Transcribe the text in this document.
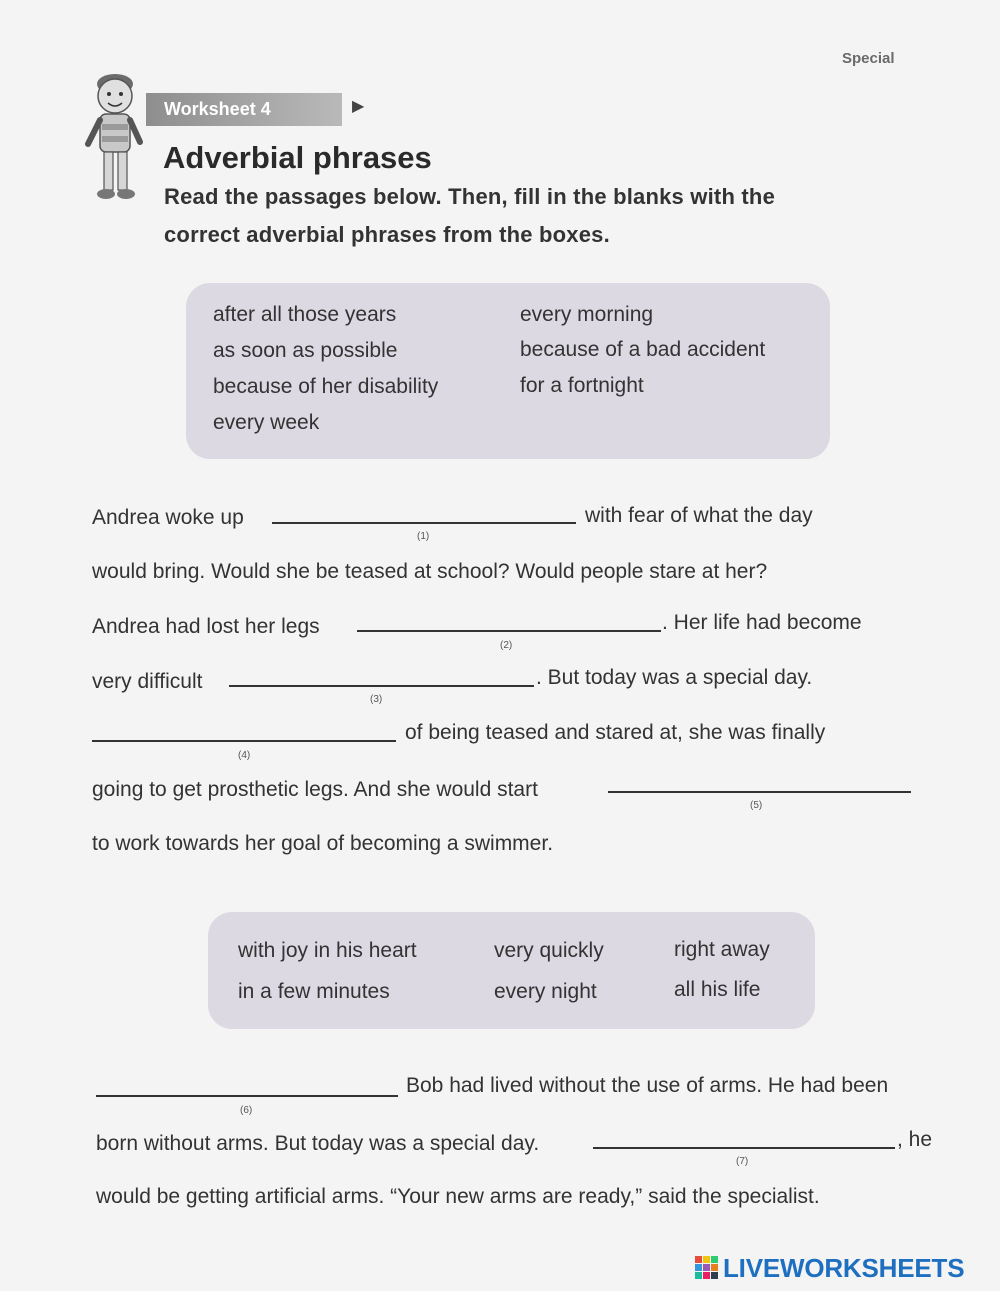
Special
Worksheet 4	▶
Adverbial phrases
Read the passages below. Then, fill in the blanks with the
correct adverbial phrases from the boxes.
after all those years
as soon as possible
because of her disability
every week
every morning
because of a bad accident
for a fortnight
Andrea woke up
(1)
with fear of what the day
would bring. Would she be teased at school? Would people stare at her?
Andrea had lost her legs
(2)
. Her life had become
very difficult
(3)
. But today was a special day.
(4)
of being teased and stared at, she was finally
going to get prosthetic legs. And she would start
(5)
to work towards her goal of becoming a swimmer.
with joy in his heart
in a few minutes
very quickly
every night
right away
all his life
(6)
Bob had lived without the use of arms. He had been
born without arms. But today was a special day.
(7)
, he
would be getting artificial arms. “Your new arms are ready,” said the specialist.
LIVEWORKSHEETS
